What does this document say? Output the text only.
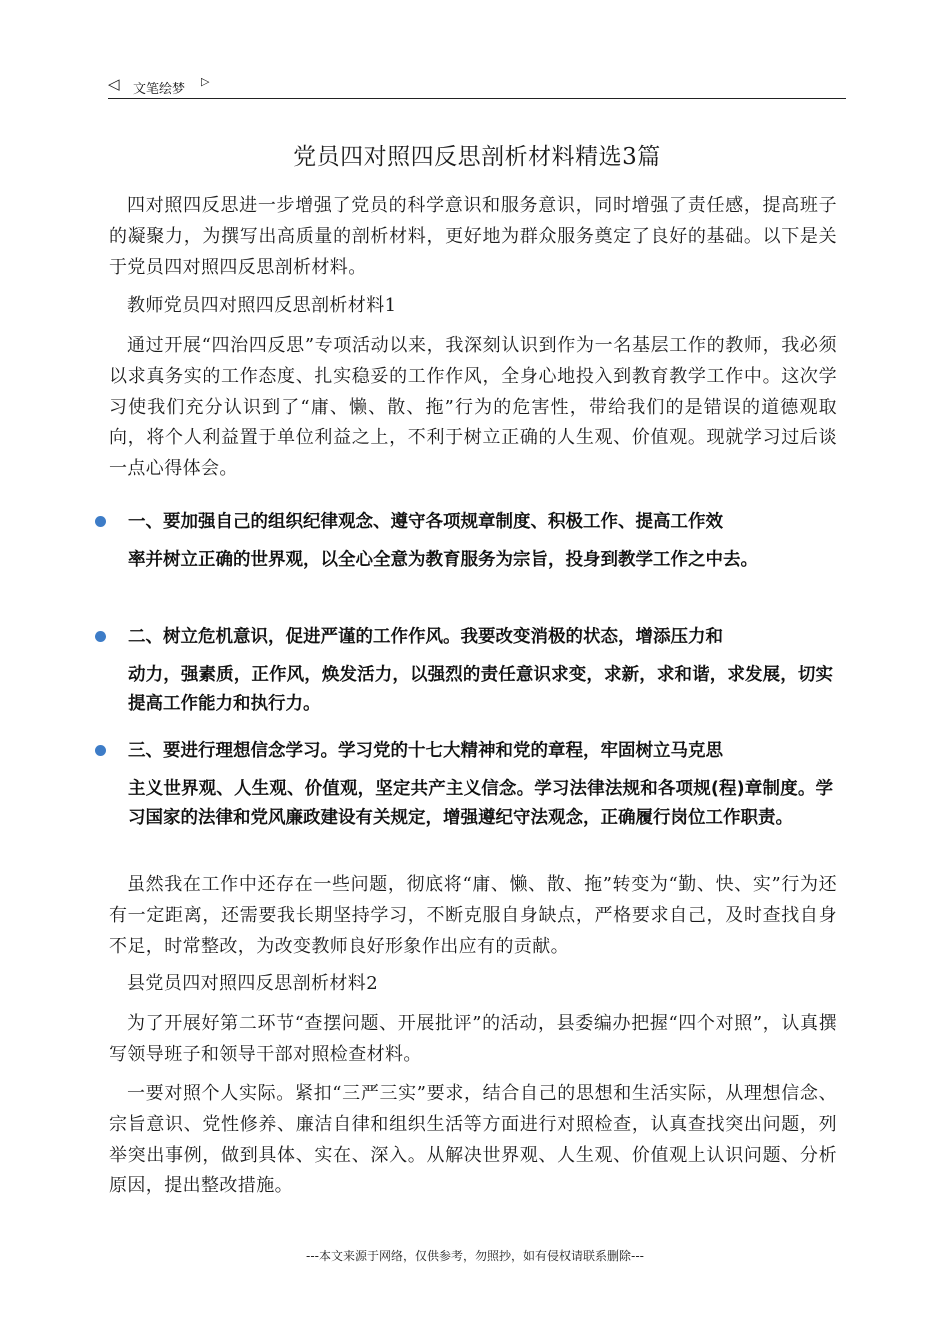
◁ 文笔绘梦
▷
党员四对照四反思剖析材料精选3篇

四对照四反思进一步增强了党员的科学意识和服务意识，同时增强了责任感，提高班子的凝聚力，为撰写出高质量的剖析材料，更好地为群众服务奠定了良好的基础。以下是关于党员四对照四反思剖析材料。

教师党员四对照四反思剖析材料1

通过开展“四治四反思”专项活动以来，我深刻认识到作为一名基层工作的教师，我必须以求真务实的工作态度、扎实稳妥的工作作风，全身心地投入到教育教学工作中。这次学习使我们充分认识到了“庸、懒、散、拖”行为的危害性，带给我们的是错误的道德观取向，将个人利益置于单位利益之上，不利于树立正确的人生观、价值观。现就学习过后谈一点心得体会。

一、要加强自己的组织纪律观念、遵守各项规章制度、积极工作、提高工作效
率并树立正确的世界观，以全心全意为教育服务为宗旨，投身到教学工作之中去。
二、树立危机意识，促进严谨的工作作风。我要改变消极的状态，增添压力和
动力，强素质，正作风，焕发活力，以强烈的责任意识求变，求新，求和谐，求发展，切实提高工作能力和执行力。
三、要进行理想信念学习。学习党的十七大精神和党的章程，牢固树立马克思
主义世界观、人生观、价值观，坚定共产主义信念。学习法律法规和各项规(程)章制度。学习国家的法律和党风廉政建设有关规定，增强遵纪守法观念，正确履行岗位工作职责。

虽然我在工作中还存在一些问题，彻底将“庸、懒、散、拖”转变为“勤、快、实”行为还有一定距离，还需要我长期坚持学习，不断克服自身缺点，严格要求自己，及时查找自身不足，时常整改，为改变教师良好形象作出应有的贡献。

县党员四对照四反思剖析材料2

为了开展好第二环节“查摆问题、开展批评”的活动，县委编办把握“四个对照”，认真撰写领导班子和领导干部对照检查材料。

一要对照个人实际。紧扣“三严三实”要求，结合自己的思想和生活实际，从理想信念、宗旨意识、党性修养、廉洁自律和组织生活等方面进行对照检查，认真查找突出问题，列举突出事例，做到具体、实在、深入。从解决世界观、人生观、价值观上认识问题、分析原因，提出整改措施。

---本文来源于网络，仅供参考，勿照抄，如有侵权请联系删除---
